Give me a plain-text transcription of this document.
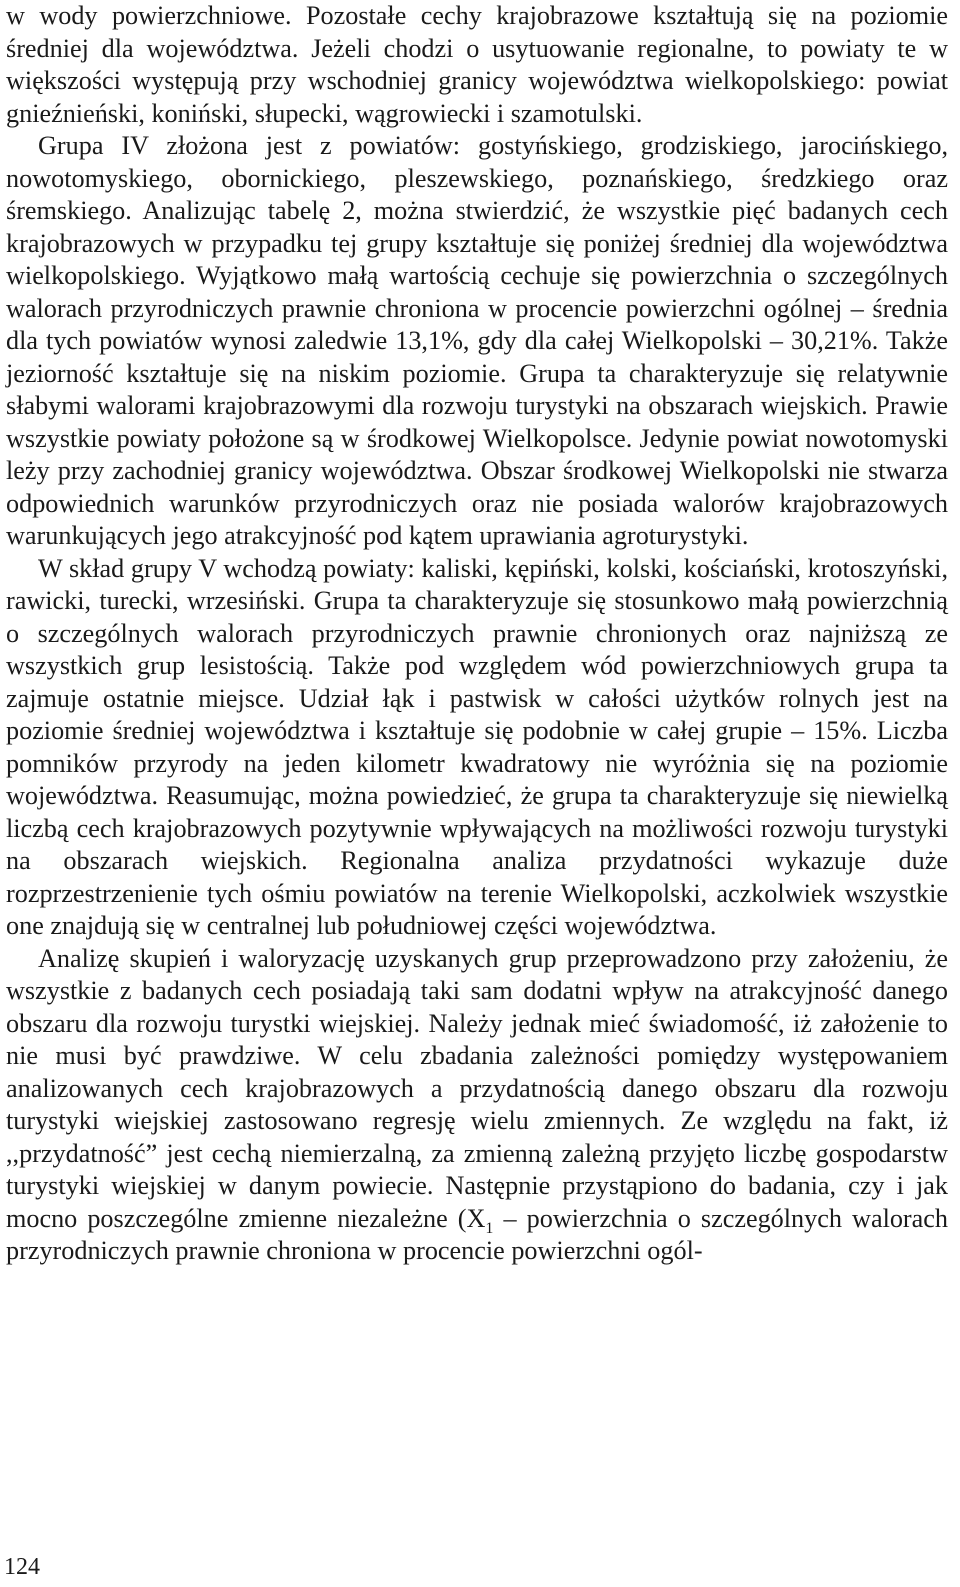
w wody powierzchniowe. Pozostałe cechy krajobrazowe kształtują się na poziomie średniej dla województwa. Jeżeli chodzi o usytuowanie regionalne, to powiaty te w większości występują przy wschodniej granicy województwa wielkopolskiego: powiat gnieźnieński, koniński, słupecki, wągrowiecki i szamotulski.

Grupa IV złożona jest z powiatów: gostyńskiego, grodziskiego, jarocińskiego, nowotomyskiego, obornickiego, pleszewskiego, poznańskiego, średzkiego oraz śremskiego. Analizując tabelę 2, można stwierdzić, że wszystkie pięć badanych cech krajobrazowych w przypadku tej grupy kształtuje się poniżej średniej dla województwa wielkopolskiego. Wyjątkowo małą wartością cechuje się powierzchnia o szczególnych walorach przyrodniczych prawnie chroniona w procencie powierzchni ogólnej – średnia dla tych powiatów wynosi zaledwie 13,1%, gdy dla całej Wielkopolski – 30,21%. Także jeziorność kształtuje się na niskim poziomie. Grupa ta charakteryzuje się relatywnie słabymi walorami krajobrazowymi dla rozwoju turystyki na obszarach wiejskich. Prawie wszystkie powiaty położone są w środkowej Wielkopolsce. Jedynie powiat nowotomyski leży przy zachodniej granicy województwa. Obszar środkowej Wielkopolski nie stwarza odpowiednich warunków przyrodniczych oraz nie posiada walorów krajobrazowych warunkujących jego atrakcyjność pod kątem uprawiania agroturystyki.

W skład grupy V wchodzą powiaty: kaliski, kępiński, kolski, kościański, krotoszyński, rawicki, turecki, wrzesiński. Grupa ta charakteryzuje się stosunkowo małą powierzchnią o szczególnych walorach przyrodniczych prawnie chronionych oraz najniższą ze wszystkich grup lesistością. Także pod względem wód powierzchniowych grupa ta zajmuje ostatnie miejsce. Udział łąk i pastwisk w całości użytków rolnych jest na poziomie średniej województwa i kształtuje się podobnie w całej grupie – 15%. Liczba pomników przyrody na jeden kilometr kwadratowy nie wyróżnia się na poziomie województwa. Reasumując, można powiedzieć, że grupa ta charakteryzuje się niewielką liczbą cech krajobrazowych pozytywnie wpływających na możliwości rozwoju turystyki na obszarach wiejskich. Regionalna analiza przydatności wykazuje duże rozprzestrzenienie tych ośmiu powiatów na terenie Wielkopolski, aczkolwiek wszystkie one znajdują się w centralnej lub południowej części województwa.

Analizę skupień i waloryzację uzyskanych grup przeprowadzono przy założeniu, że wszystkie z badanych cech posiadają taki sam dodatni wpływ na atrakcyjność danego obszaru dla rozwoju turystki wiejskiej. Należy jednak mieć świadomość, iż założenie to nie musi być prawdziwe. W celu zbadania zależności pomiędzy występowaniem analizowanych cech krajobrazowych a przydatnością danego obszaru dla rozwoju turystyki wiejskiej zastosowano regresję wielu zmiennych. Ze względu na fakt, iż ,,przydatność” jest cechą niemierzalną, za zmienną zależną przyjęto liczbę gospodarstw turystyki wiejskiej w danym powiecie. Następnie przystąpiono do badania, czy i jak mocno poszczególne zmienne niezależne ($X_1$ – powierzchnia o szczególnych walorach przyrodniczych prawnie chroniona w procencie powierzchni ogól-

124
